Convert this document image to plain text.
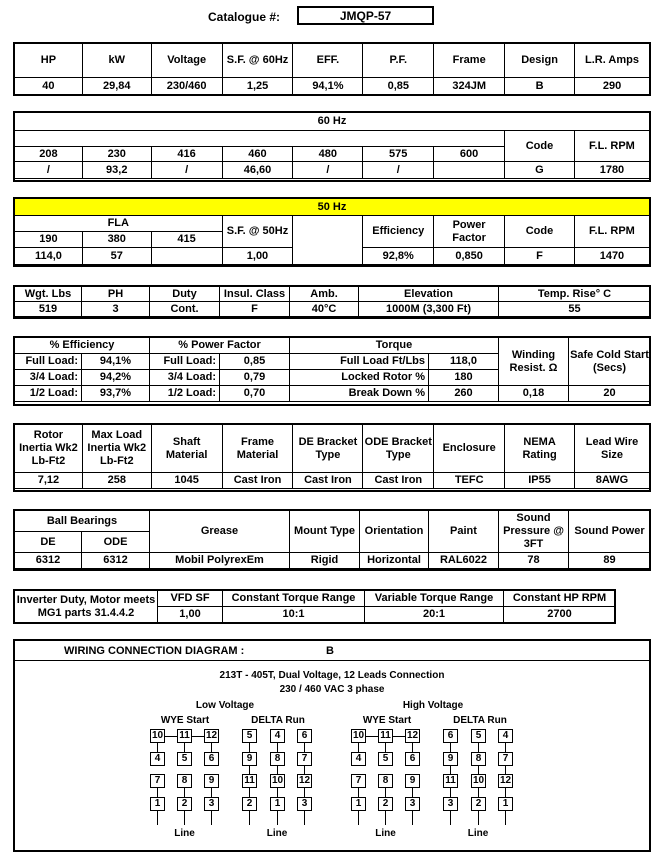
Catalogue #:	JMQP-57
HP	kW	Voltage	S.F. @ 60Hz	EFF.	P.F.	Frame	Design	L.R. Amps
40	29,84	230/460	1,25	94,1%	0,85	324JM	B	290
60 Hz								
							Code	F.L. RPM
208	230	416	460	480	575	600		
/	93,2	/	46,60	/	/		G	1780
50 Hz								
FLA			S.F. @ 50Hz		Efficiency	Power Factor	Code	F.L. RPM
190	380	415						
114,0	57		1,00		92,8%	0,850	F	1470
Wgt. Lbs	PH	Duty	Insul. Class	Amb.	Elevation	Temp. Rise° C
519	3	Cont.	F	40°C	1000M (3,300 Ft)	55
% Efficiency		% Power Factor		Torque		Winding Resist. Ω	Safe Cold Start (Secs)
Full Load:	94,1%	Full Load:	0,85	Full Load Ft/Lbs	118,0		
3/4 Load:	94,2%	3/4 Load:	0,79	Locked Rotor %	180		
1/2 Load:	93,7%	1/2 Load:	0,70	Break Down %	260	0,18	20
Rotor Inertia Wk2 Lb-Ft2	Max Load Inertia Wk2 Lb-Ft2	Shaft Material	Frame Material	DE Bracket Type	ODE Bracket Type	Enclosure	NEMA Rating	Lead Wire Size
7,12	258	1045	Cast Iron	Cast Iron	Cast Iron	TEFC	IP55	8AWG
Ball Bearings		Grease	Mount Type	Orientation	Paint	Sound Pressure @ 3FT	Sound Power
DE	ODE						
6312	6312	Mobil PolyrexEm	Rigid	Horizontal	RAL6022	78	89
Inverter Duty, Motor meets MG1 parts 31.4.4.2	VFD SF	Constant Torque Range	Variable Torque Range	Constant HP RPM
	1,00	10:1	20:1	2700
WIRING CONNECTION DIAGRAM :	B
213T - 405T, Dual Voltage, 12 Leads Connection
230 / 460 VAC 3 phase
Low Voltage	High Voltage
WYE Start	DELTA Run	WYE Start	DELTA Run
10 11 12
4	5	6
7	8	9
1	2	3
Line
5	4	6
9	8	7
11 10 12
2	1	3
Line
10 11 12
4	5	6
7	8	9
1	2	3
Line
6	5	4
9	8	7
11 10 12
3	2	1
Line
